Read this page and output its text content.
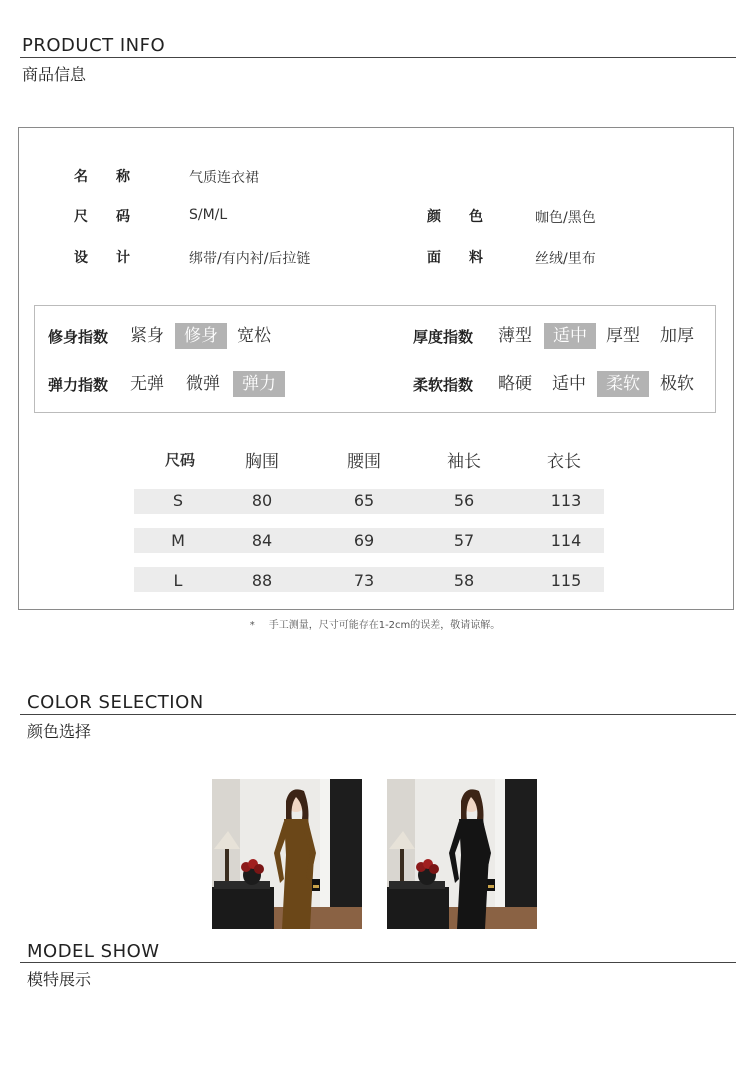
PRODUCT INFO
商品信息
名　　称	气质连衣裙
尺　　码	S/M/L	颜　　色	咖色/黑色
设　　计	绑带/有内衬/后拉链	面　　料	丝绒/里布
修身指数 紧身	修身	宽松	厚度指数 薄型	适中	厚型 加厚
弹力指数 无弹 微弹	弹力	柔软指数 略硬 适中	柔软	极软
尺码	胸围	腰围	袖长	衣长
S	80	65	56	113
M	84	69	57	114
L	88	73	58	115
* 手工测量，尺寸可能存在1-2cm的误差，敬请谅解。
COLOR SELECTION
颜色选择
MODEL SHOW
模特展示
